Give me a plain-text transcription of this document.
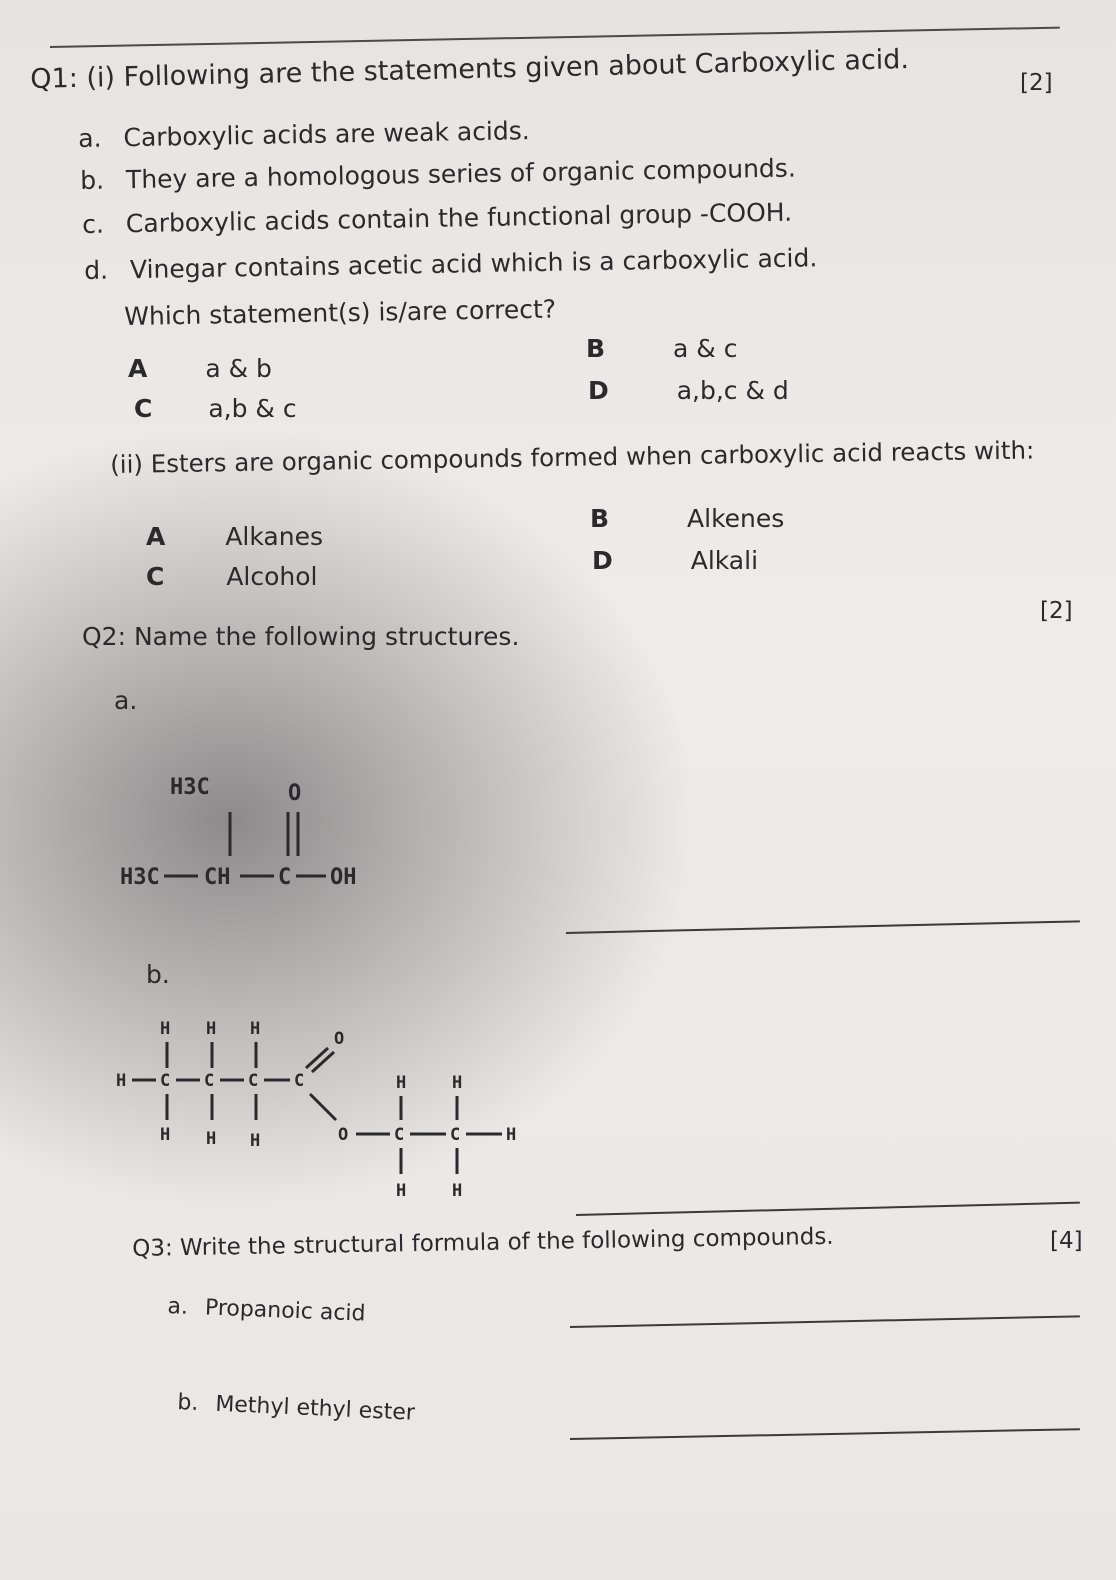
Q1: (i) Following are the statements given about Carboxylic acid.	[2]
a. Carboxylic acids are weak acids.
b. They are a homologous series of organic compounds.
c. Carboxylic acids contain the functional group -COOH.
d. Vinegar contains acetic acid which is a carboxylic acid.
Which statement(s) is/are correct?
A a & b
B	a & c
C a,b & c
D	a,b,c & d
(ii) Esters are organic compounds formed when carboxylic acid reacts with:
A Alkanes
B	Alkenes
C Alcohol
D	Alkali
[2]
Q2: Name the following structures.
a.
H3C	O
H3C CH C OH
b.
H H H
H C C C C
O
H H H	O	C	C	H
H	H
H	H
[4]
Q3: Write the structural formula of the following compounds.
a. Propanoic acid
b. Methyl ethyl ester
